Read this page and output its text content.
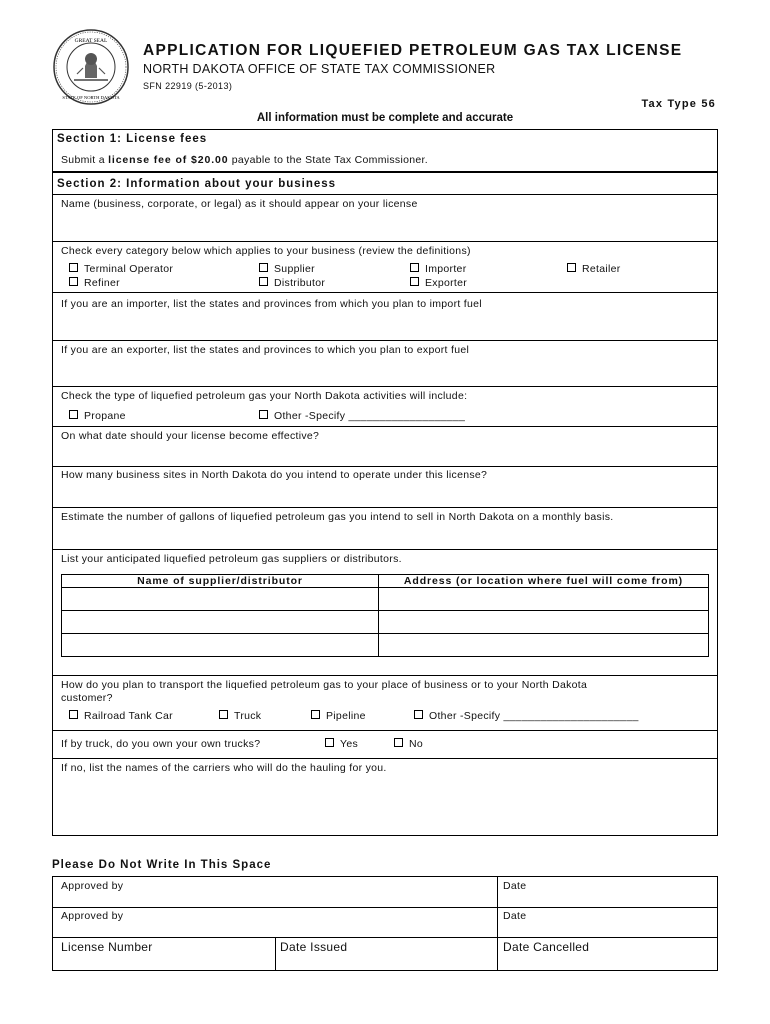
GREAT SEAL
STATE OF NORTH DAKOTA
APPLICATION FOR LIQUEFIED PETROLEUM GAS TAX LICENSE
NORTH DAKOTA OFFICE OF STATE TAX COMMISSIONER
SFN 22919 (5-2013)
Tax Type 56
All information must be complete and accurate
Section 1: License fees
Submit a license fee of $20.00 payable to the State Tax Commissioner.
Section 2: Information about your business
Name (business, corporate, or legal) as it should appear on your license
Check every category below which applies to your business (review the definitions)
Terminal Operator	Supplier	Importer	Retailer
Refiner	Distributor	Exporter
If you are an importer, list the states and provinces from which you plan to import fuel
If you are an exporter, list the states and provinces to which you plan to export fuel
Check the type of liquefied petroleum gas your North Dakota activities will include:
Propane	Other -Specify ___________________
On what date should your license become effective?
How many business sites in North Dakota do you intend to operate under this license?
Estimate the number of gallons of liquefied petroleum gas you intend to sell in North Dakota on a monthly basis.
List your anticipated liquefied petroleum gas suppliers or distributors.
Name of supplier/distributor	Address (or location where fuel will come from)

How do you plan to transport the liquefied petroleum gas to your place of business or to your North Dakota
customer?
Railroad Tank Car	Truck	Pipeline	Other -Specify ______________________
If by truck, do you own your own trucks?	Yes	No
If no, list the names of the carriers who will do the hauling for you.
Please Do Not Write In This Space
Approved by	Date
Approved by	Date
License Number	Date Issued	Date Cancelled
